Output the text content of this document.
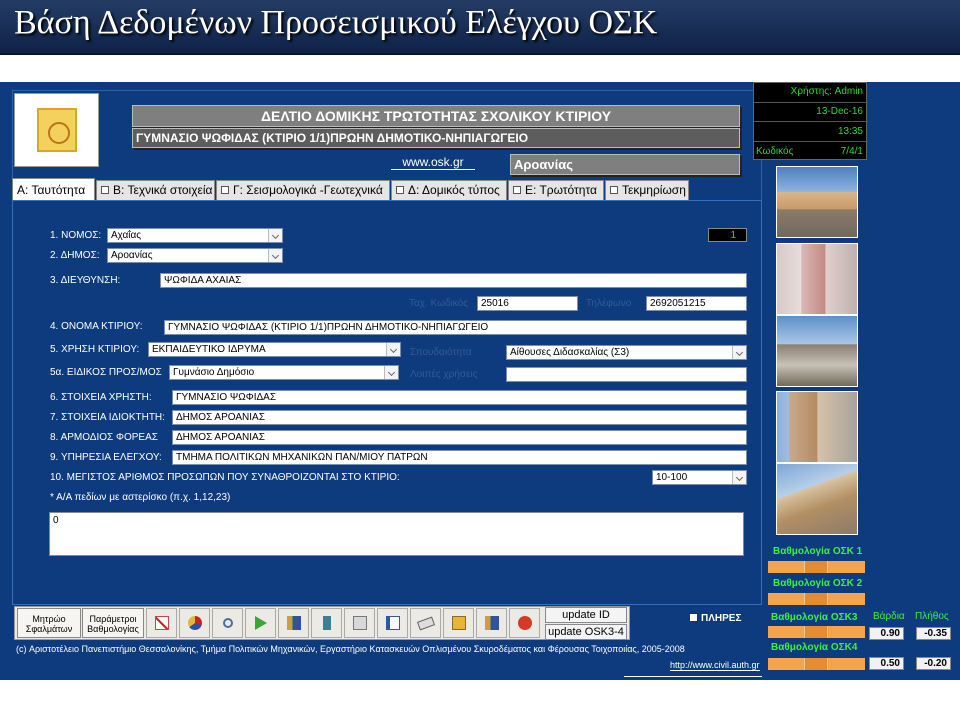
Βάση Δεδομένων Προσεισμικού Ελέγχου ΟΣΚ
ΔΕΛΤΙΟ ΔΟΜΙΚΗΣ ΤΡΩΤΟΤΗΤΑΣ ΣΧΟΛΙΚΟΥ ΚΤΙΡΙΟΥ
ΓΥΜΝΑΣΙΟ ΨΩΦΙΔΑΣ (ΚΤΙΡΙΟ 1/1)ΠΡΩΗΝ ΔΗΜΟΤΙΚΟ-ΝΗΠΙΑΓΩΓΕΙΟ
www.osk.gr	Αροανίας
Χρήστης: Admin
13-Dec-16
13:35
Κωδικός	7/4/1
Α: Ταυτότητα	Β: Τεχνικά στοιχεία	Γ: Σεισμολογικά -Γεωτεχνικά	Δ: Δομικός τύπος	Ε: Τρωτότητα	Τεκμηρίωση
1. ΝΟΜΟΣ: Αχαΐας	1
2. ΔΗΜΟΣ:	Αροανίας
3. ΔΙΕΥΘΥΝΣΗ:	ΨΩΦΙΔΑ ΑΧΑΙΑΣ
Ταχ. Κωδικός	25016	Τηλέφωνο	2692051215
4. ΟΝΟΜΑ ΚΤΙΡΙΟΥ:	ΓΥΜΝΑΣΙΟ ΨΩΦΙΔΑΣ (ΚΤΙΡΙΟ 1/1)ΠΡΩΗΝ ΔΗΜΟΤΙΚΟ-ΝΗΠΙΑΓΩΓΕΙΟ
5. ΧΡΗΣΗ ΚΤΙΡΙΟΥ:	ΕΚΠΑΙΔΕΥΤΙΚΟ ΙΔΡΥΜΑ	Σπουδαιότητα	Αίθουσες Διδασκαλίας (Σ3)
5α. ΕΙΔΙΚΟΣ ΠΡΟΣ/ΜΟΣ	Γυμνάσιο Δημόσιο	Λοιπές χρήσεις
6. ΣΤΟΙΧΕΙΑ ΧΡΗΣΤΗ:	ΓΥΜΝΑΣΙΟ ΨΩΦΙΔΑΣ
7. ΣΤΟΙΧΕΙΑ ΙΔΙΟΚΤΗΤΗ:	ΔΗΜΟΣ ΑΡΟΑΝΙΑΣ
8. ΑΡΜΟΔΙΟΣ ΦΟΡΕΑΣ	ΔΗΜΟΣ ΑΡΟΑΝΙΑΣ
9. ΥΠΗΡΕΣΙΑ ΕΛΕΓΧΟΥ:	ΤΜΗΜΑ ΠΟΛΙΤΙΚΩΝ ΜΗΧΑΝΙΚΩΝ ΠΑΝ/ΜΙΟΥ ΠΑΤΡΩΝ
10. ΜΕΓΙΣΤΟΣ ΑΡΙΘΜΟΣ ΠΡΟΣΩΠΩΝ ΠΟΥ ΣΥΝΑΘΡΟΙΖΟΝΤΑΙ ΣΤΟ ΚΤΙΡΙΟ:	10-100
* Α/Α πεδίων με αστερίσκο (π.χ. 1,12,23)
0
Βαθμολογία ΟΣΚ 1
Βαθμολογία ΟΣΚ 2
Βάρδια Πλήθος
Βαθμολογία ΟΣΚ3
0.90	-0.35
Βαθμολογία ΟΣΚ4
0.50	-0.20
Μητρώο
Σφαλμάτων
Παράμετροι
Βαθμολογίας
update ID
update OSK3-4
ΠΛΗΡΕΣ
(c) Αριστοτέλειο Πανεπιστήμιο Θεσσαλονίκης, Τμήμα Πολιτικών Μηχανικών, Εργαστήριο Κατασκευών Οπλισμένου Σκυροδέματος και Φέρουσας Τοιχοποιίας, 2005-2008
http://www.civil.auth.gr
